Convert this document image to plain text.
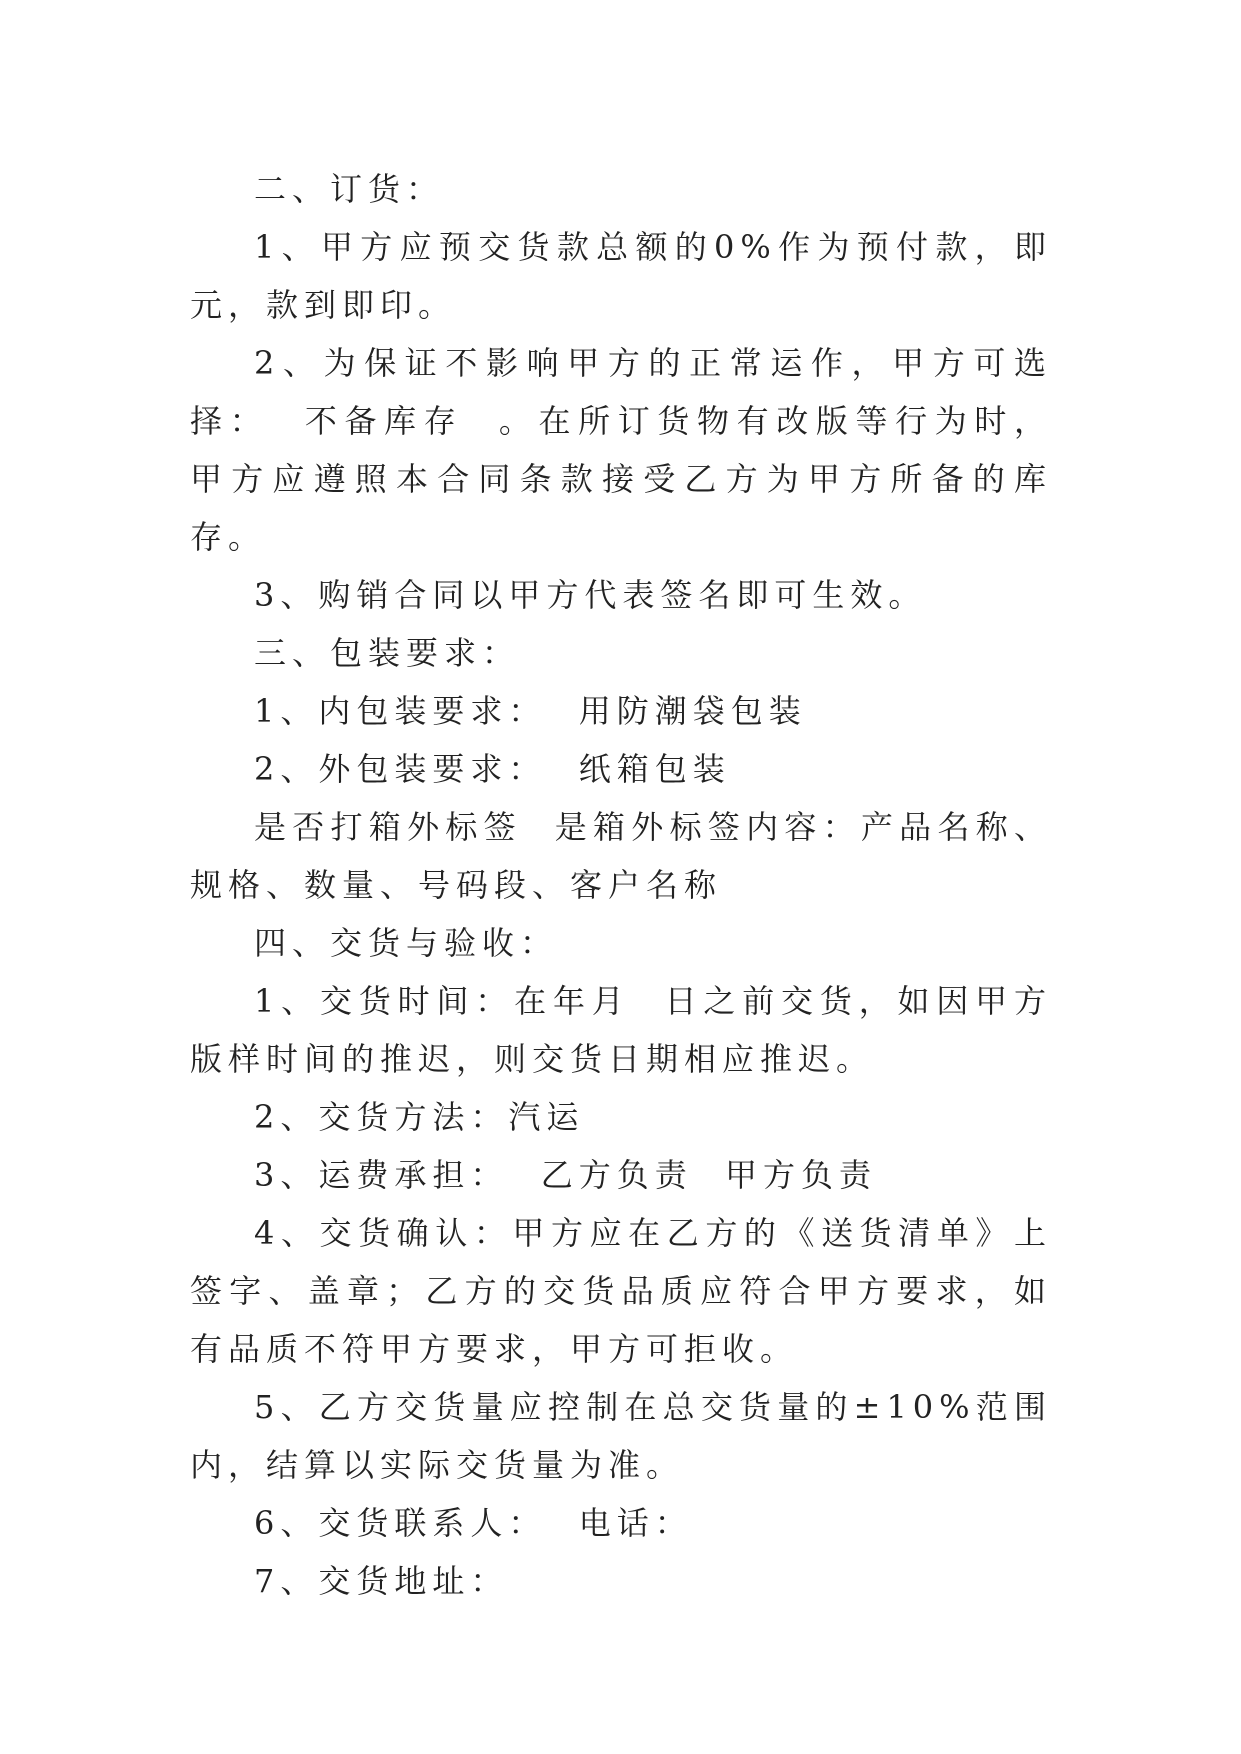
二、订货：

1、甲方应预交货款总额的0%作为预付款，即元，款到即印。

2、为保证不影响甲方的正常运作，甲方可选择：  不备库存  。在所订货物有改版等行为时，甲方应遵照本合同条款接受乙方为甲方所备的库存。

3、购销合同以甲方代表签名即可生效。

三、包装要求：

1、内包装要求：  用防潮袋包装

2、外包装要求：  纸箱包装

是否打箱外标签  是箱外标签内容：产品名称、规格、数量、号码段、客户名称

四、交货与验收：

1、交货时间：在年月  日之前交货，如因甲方版样时间的推迟，则交货日期相应推迟。

2、交货方法：汽运

3、运费承担：  乙方负责  甲方负责

4、交货确认：甲方应在乙方的《送货清单》上签字、盖章；乙方的交货品质应符合甲方要求，如有品质不符甲方要求，甲方可拒收。

5、乙方交货量应控制在总交货量的±10%范围内，结算以实际交货量为准。

6、交货联系人：  电话：

7、交货地址：
